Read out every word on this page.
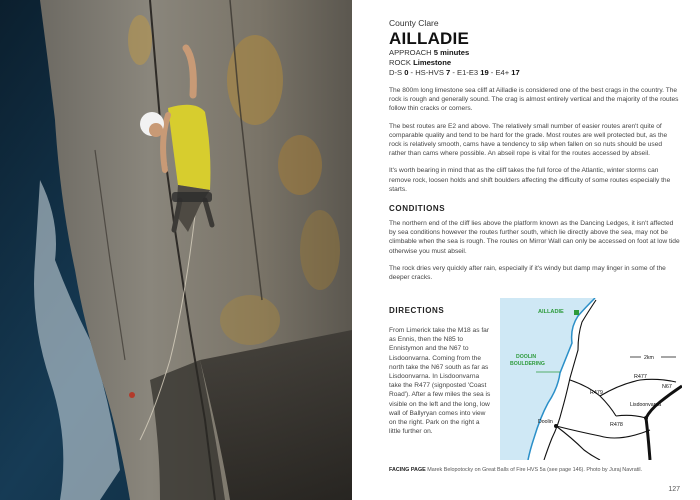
County Clare

AILLADIE

APPROACH 5 minutes

ROCK Limestone

D-S 0 - HS-HVS 7 - E1-E3 19 - E4+ 17

The 800m long limestone sea cliff at Ailladie is considered one of the best crags in the country. The rock is rough and generally sound. The crag is almost entirely vertical and the majority of the routes follow thin cracks or corners.

The best routes are E2 and above. The relatively small number of easier routes aren't quite of comparable quality and tend to be hard for the grade. Most routes are well protected but, as the rock is relatively smooth, cams have a tendency to slip when fallen on so nuts should be used rather than cams where possible. An abseil rope is vital for the routes accessed by abseil.

It's worth bearing in mind that as the cliff takes the full force of the Atlantic, winter storms can remove rock, loosen holds and shift boulders affecting the difficulty of some routes especially the starts.

CONDITIONS

The northern end of the cliff lies above the platform known as the Dancing Ledges, it isn't affected by sea conditions however the routes further south, which lie directly above the sea, may not be climbable when the sea is rough. The routes on Mirror Wall can only be accessed on foot at low tide otherwise you must abseil.

The rock dries very quickly after rain, especially if it's windy but damp may linger in some of the deeper cracks.

DIRECTIONS

From Limerick take the M18 as far as Ennis, then the N85 to Ennistymon and the N67 to Lisdoonvarna. Coming from the north take the N67 south as far as Lisdoonvarna. In Lisdoonvarna take the R477 (signposted 'Coast Road'). After a few miles the sea is visible on the left and the long, low wall of Ballyryan comes into view on the right. Park on the right a little further on.

AILLADIE
DOOLIN
BOULDERING
2km
R477
R479
N67
Lisdoonvarna
R478
Doolin

FACING PAGE Marek Belopotocky on Great Balls of Fire HVS 5a (see page 146). Photo by Juraj Navratil.

127
